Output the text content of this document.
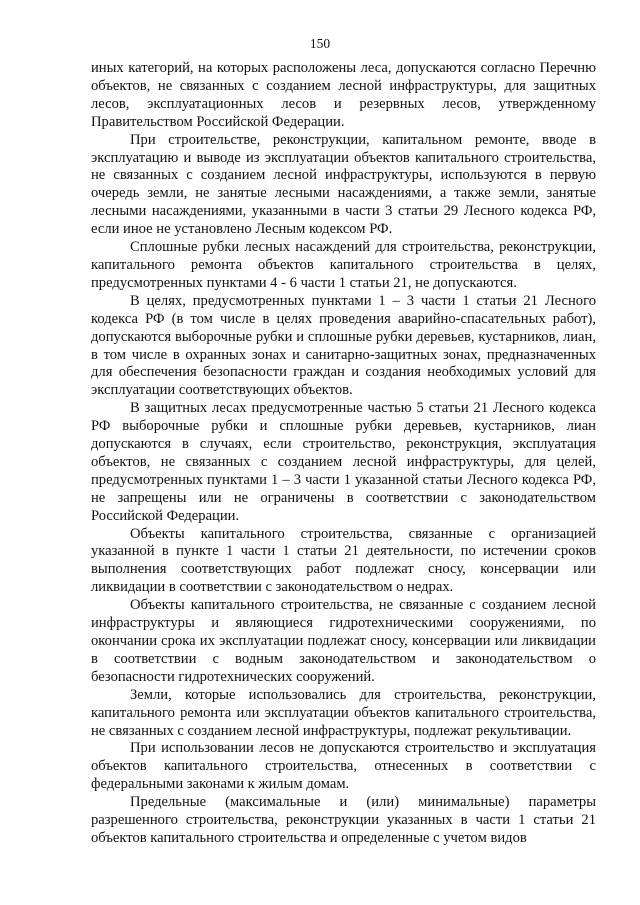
150

иных категорий, на которых расположены леса, допускаются согласно Перечню объектов, не связанных с созданием лесной инфраструктуры, для защитных лесов, эксплуатационных лесов и резервных лесов, утвержденному Правительством Российской Федерации.

При строительстве, реконструкции, капитальном ремонте, вводе в эксплуатацию и выводе из эксплуатации объектов капитального строительства, не связанных с созданием лесной инфраструктуры, используются в первую очередь земли, не занятые лесными насаждениями, а также земли, занятые лесными насаждениями, указанными в части 3 статьи 29 Лесного кодекса РФ, если иное не установлено Лесным кодексом РФ.

Сплошные рубки лесных насаждений для строительства, реконструкции, капитального ремонта объектов капитального строительства в целях, предусмотренных пунктами 4 - 6 части 1 статьи 21, не допускаются.

В целях, предусмотренных пунктами 1 – 3 части 1 статьи 21 Лесного кодекса РФ (в том числе в целях проведения аварийно-спасательных работ), допускаются выборочные рубки и сплошные рубки деревьев, кустарников, лиан, в том числе в охранных зонах и санитарно-защитных зонах, предназначенных для обеспечения безопасности граждан и создания необходимых условий для эксплуатации соответствующих объектов.

В защитных лесах предусмотренные частью 5 статьи 21 Лесного кодекса РФ выборочные рубки и сплошные рубки деревьев, кустарников, лиан допускаются в случаях, если строительство, реконструкция, эксплуатация объектов, не связанных с созданием лесной инфраструктуры, для целей, предусмотренных пунктами 1 – 3 части 1 указанной статьи Лесного кодекса РФ, не запрещены или не ограничены в соответствии с законодательством Российской Федерации.

Объекты капитального строительства, связанные с организацией указанной в пункте 1 части 1 статьи 21 деятельности, по истечении сроков выполнения соответствующих работ подлежат сносу, консервации или ликвидации в соответствии с законодательством о недрах.

Объекты капитального строительства, не связанные с созданием лесной инфраструктуры и являющиеся гидротехническими сооружениями, по окончании срока их эксплуатации подлежат сносу, консервации или ликвидации в соответствии с водным законодательством и законодательством о безопасности гидротехнических сооружений.

Земли, которые использовались для строительства, реконструкции, капитального ремонта или эксплуатации объектов капитального строительства, не связанных с созданием лесной инфраструктуры, подлежат рекультивации.

При использовании лесов не допускаются строительство и эксплуатация объектов капитального строительства, отнесенных в соответствии с федеральными законами к жилым домам.

Предельные (максимальные и (или) минимальные) параметры разрешенного строительства, реконструкции указанных в части 1 статьи 21 объектов капитального строительства и определенные с учетом видов
